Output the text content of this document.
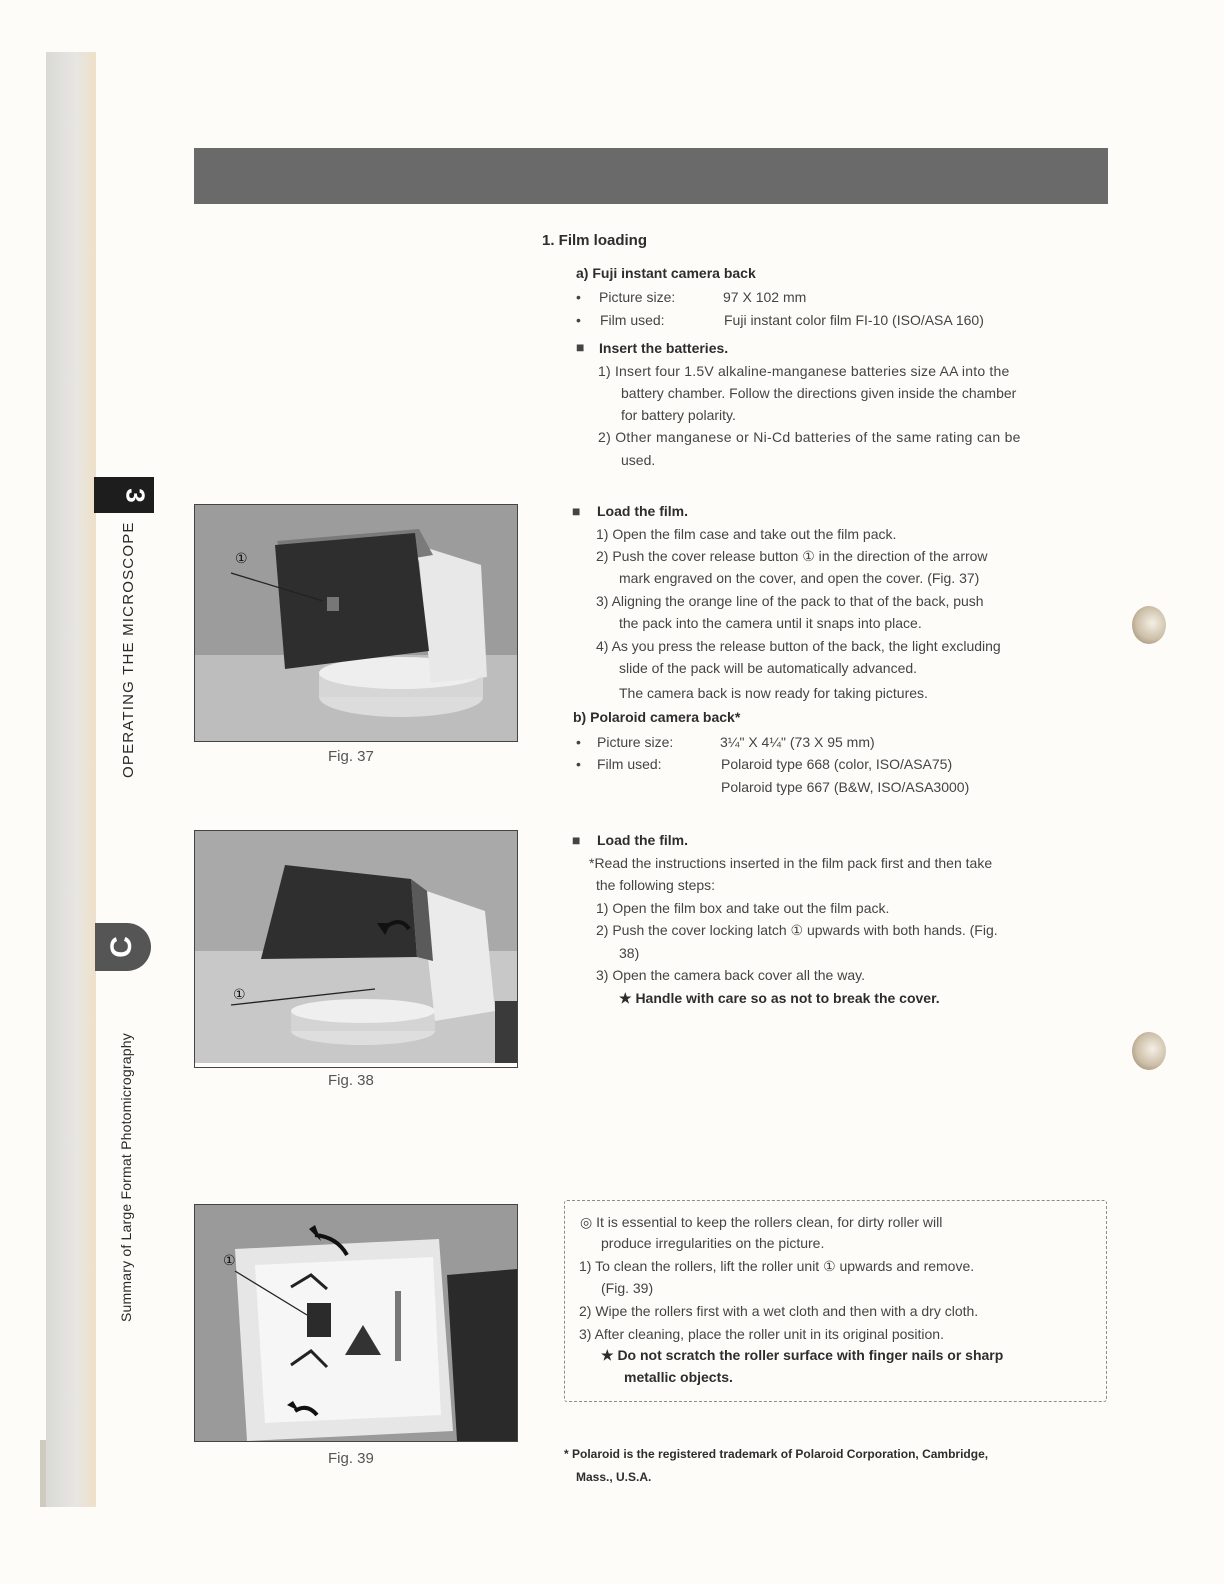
OPERATING THE MICROSCOPE
3
C
Summary of Large Format Photomicrography
①
Fig. 37
①
Fig. 38
①
Fig. 39
1. Film loading
a) Fuji instant camera back
• Picture size:	97 X 102 mm
• Film used:	Fuji instant color film FI-10 (ISO/ASA 160)
■ Insert the batteries.
1) Insert four 1.5V alkaline-manganese batteries size AA into the
battery chamber. Follow the directions given inside the chamber
for battery polarity.
2) Other manganese or Ni-Cd batteries of the same rating can be
used.
■ Load the film.
1) Open the film case and take out the film pack.
2) Push the cover release button ① in the direction of the arrow
mark engraved on the cover, and open the cover. (Fig. 37)
3) Aligning the orange line of the pack to that of the back, push
the pack into the camera until it snaps into place.
4) As you press the release button of the back, the light excluding
slide of the pack will be automatically advanced.
The camera back is now ready for taking pictures.
b) Polaroid camera back*
• Picture size:	3¼" X 4¼" (73 X 95 mm)
• Film used:	Polaroid type 668 (color, ISO/ASA75)
Polaroid type 667 (B&W, ISO/ASA3000)
■ Load the film.
*Read the instructions inserted in the film pack first and then take
the following steps:
1) Open the film box and take out the film pack.
2) Push the cover locking latch ① upwards with both hands. (Fig.
38)
3) Open the camera back cover all the way.
★ Handle with care so as not to break the cover.
◎ It is essential to keep the rollers clean, for dirty roller will
produce irregularities on the picture.
1) To clean the rollers, lift the roller unit ① upwards and remove.
(Fig. 39)
2) Wipe the rollers first with a wet cloth and then with a dry cloth.
3) After cleaning, place the roller unit in its original position.
★ Do not scratch the roller surface with finger nails or sharp
metallic objects.
* Polaroid is the registered trademark of Polaroid Corporation, Cambridge,
Mass., U.S.A.
